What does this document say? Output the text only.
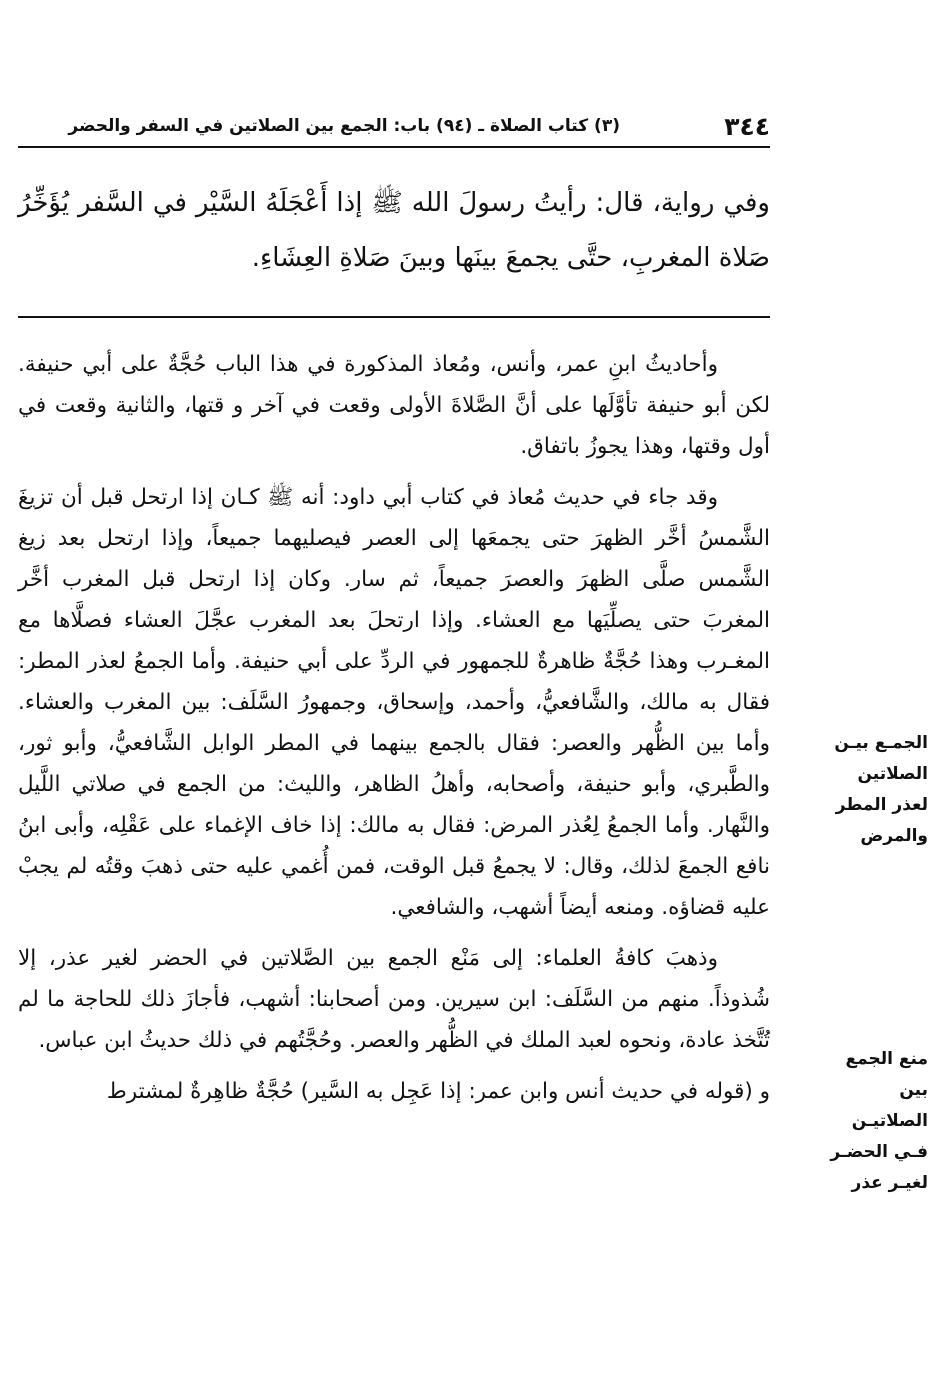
٣٤٤
(٣) كتاب الصلاة ـ (٩٤) باب: الجمع بين الصلاتين في السفر والحضر

وفي رواية، قال: رأيتُ رسولَ الله ﷺ إذا أَعْجَلَهُ السَّيْر في السَّفر يُؤَخِّرُ صَلاة المغربِ، حتَّى يجمعَ بينَها وبينَ صَلاةِ العِشَاءِ.

وأحاديثُ ابنِ عمر، وأنس، ومُعاذ المذكورة في هذا الباب حُجَّةٌ على أبي حنيفة. لكن أبو حنيفة تأوَّلَها على أنَّ الصَّلاةَ الأولى وقعت في آخر و قتها، والثانية وقعت في أول وقتها، وهذا يجوزُ باتفاق.

وقد جاء في حديث مُعاذ في كتاب أبي داود: أنه ﷺ كـان إذا ارتحل قبل أن تزيغَ الشَّمسُ أخَّر الظهرَ حتى يجمعَها إلى العصر فيصليهما جميعاً، وإذا ارتحل بعد زيغ الشَّمس صلَّى الظهرَ والعصرَ جميعاً، ثم سار. وكان إذا ارتحل قبل المغرب أخَّر المغربَ حتى يصلِّيَها مع العشاء. وإذا ارتحلَ بعد المغرب عجَّلَ العشاء فصلَّاها مع المغـرب وهذا حُجَّةٌ ظاهرةٌ للجمهور في الردِّ على أبي حنيفة. وأما الجمعُ لعذر المطر: فقال به مالك، والشَّافعيُّ، وأحمد، وإسحاق، وجمهورُ السَّلَف: بين المغرب والعشاء. وأما بين الظُّهر والعصر: فقال بالجمع بينهما في المطر الوابل الشَّافعيُّ، وأبو ثور، والطَّبري، وأبو حنيفة، وأصحابه، وأهلُ الظاهر، والليث: من الجمع في صلاتي اللَّيل والنَّهار. وأما الجمعُ لِعُذر المرض: فقال به مالك: إذا خاف الإغماء على عَقْلِه، وأبى ابنُ نافع الجمعَ لذلك، وقال: لا يجمعُ قبل الوقت، فمن أُغمي عليه حتى ذهبَ وقتُه لم يجبْ عليه قضاؤه. ومنعه أيضاً أشهب، والشافعي.

وذهبَ كافةُ العلماء: إلى مَنْع الجمع بين الصَّلاتين في الحضر لغير عذر، إلا شُذوذاً. منهم من السَّلَف: ابن سيرين. ومن أصحابنا: أشهب، فأجازَ ذلك للحاجة ما لم تُتَّخذ عادة، ونحوه لعبد الملك في الظُّهر والعصر. وحُجَّتُهم في ذلك حديثُ ابن عباس.

و (قوله في حديث أنس وابن عمر: إذا عَجِل به السَّير) حُجَّةٌ ظاهِرةٌ لمشترط

الجمـع بيـن الصلاتين لعذر المطر والمرض
منع الجمع بين الصلاتيـن فـي الحضـر لغيـر عذر
